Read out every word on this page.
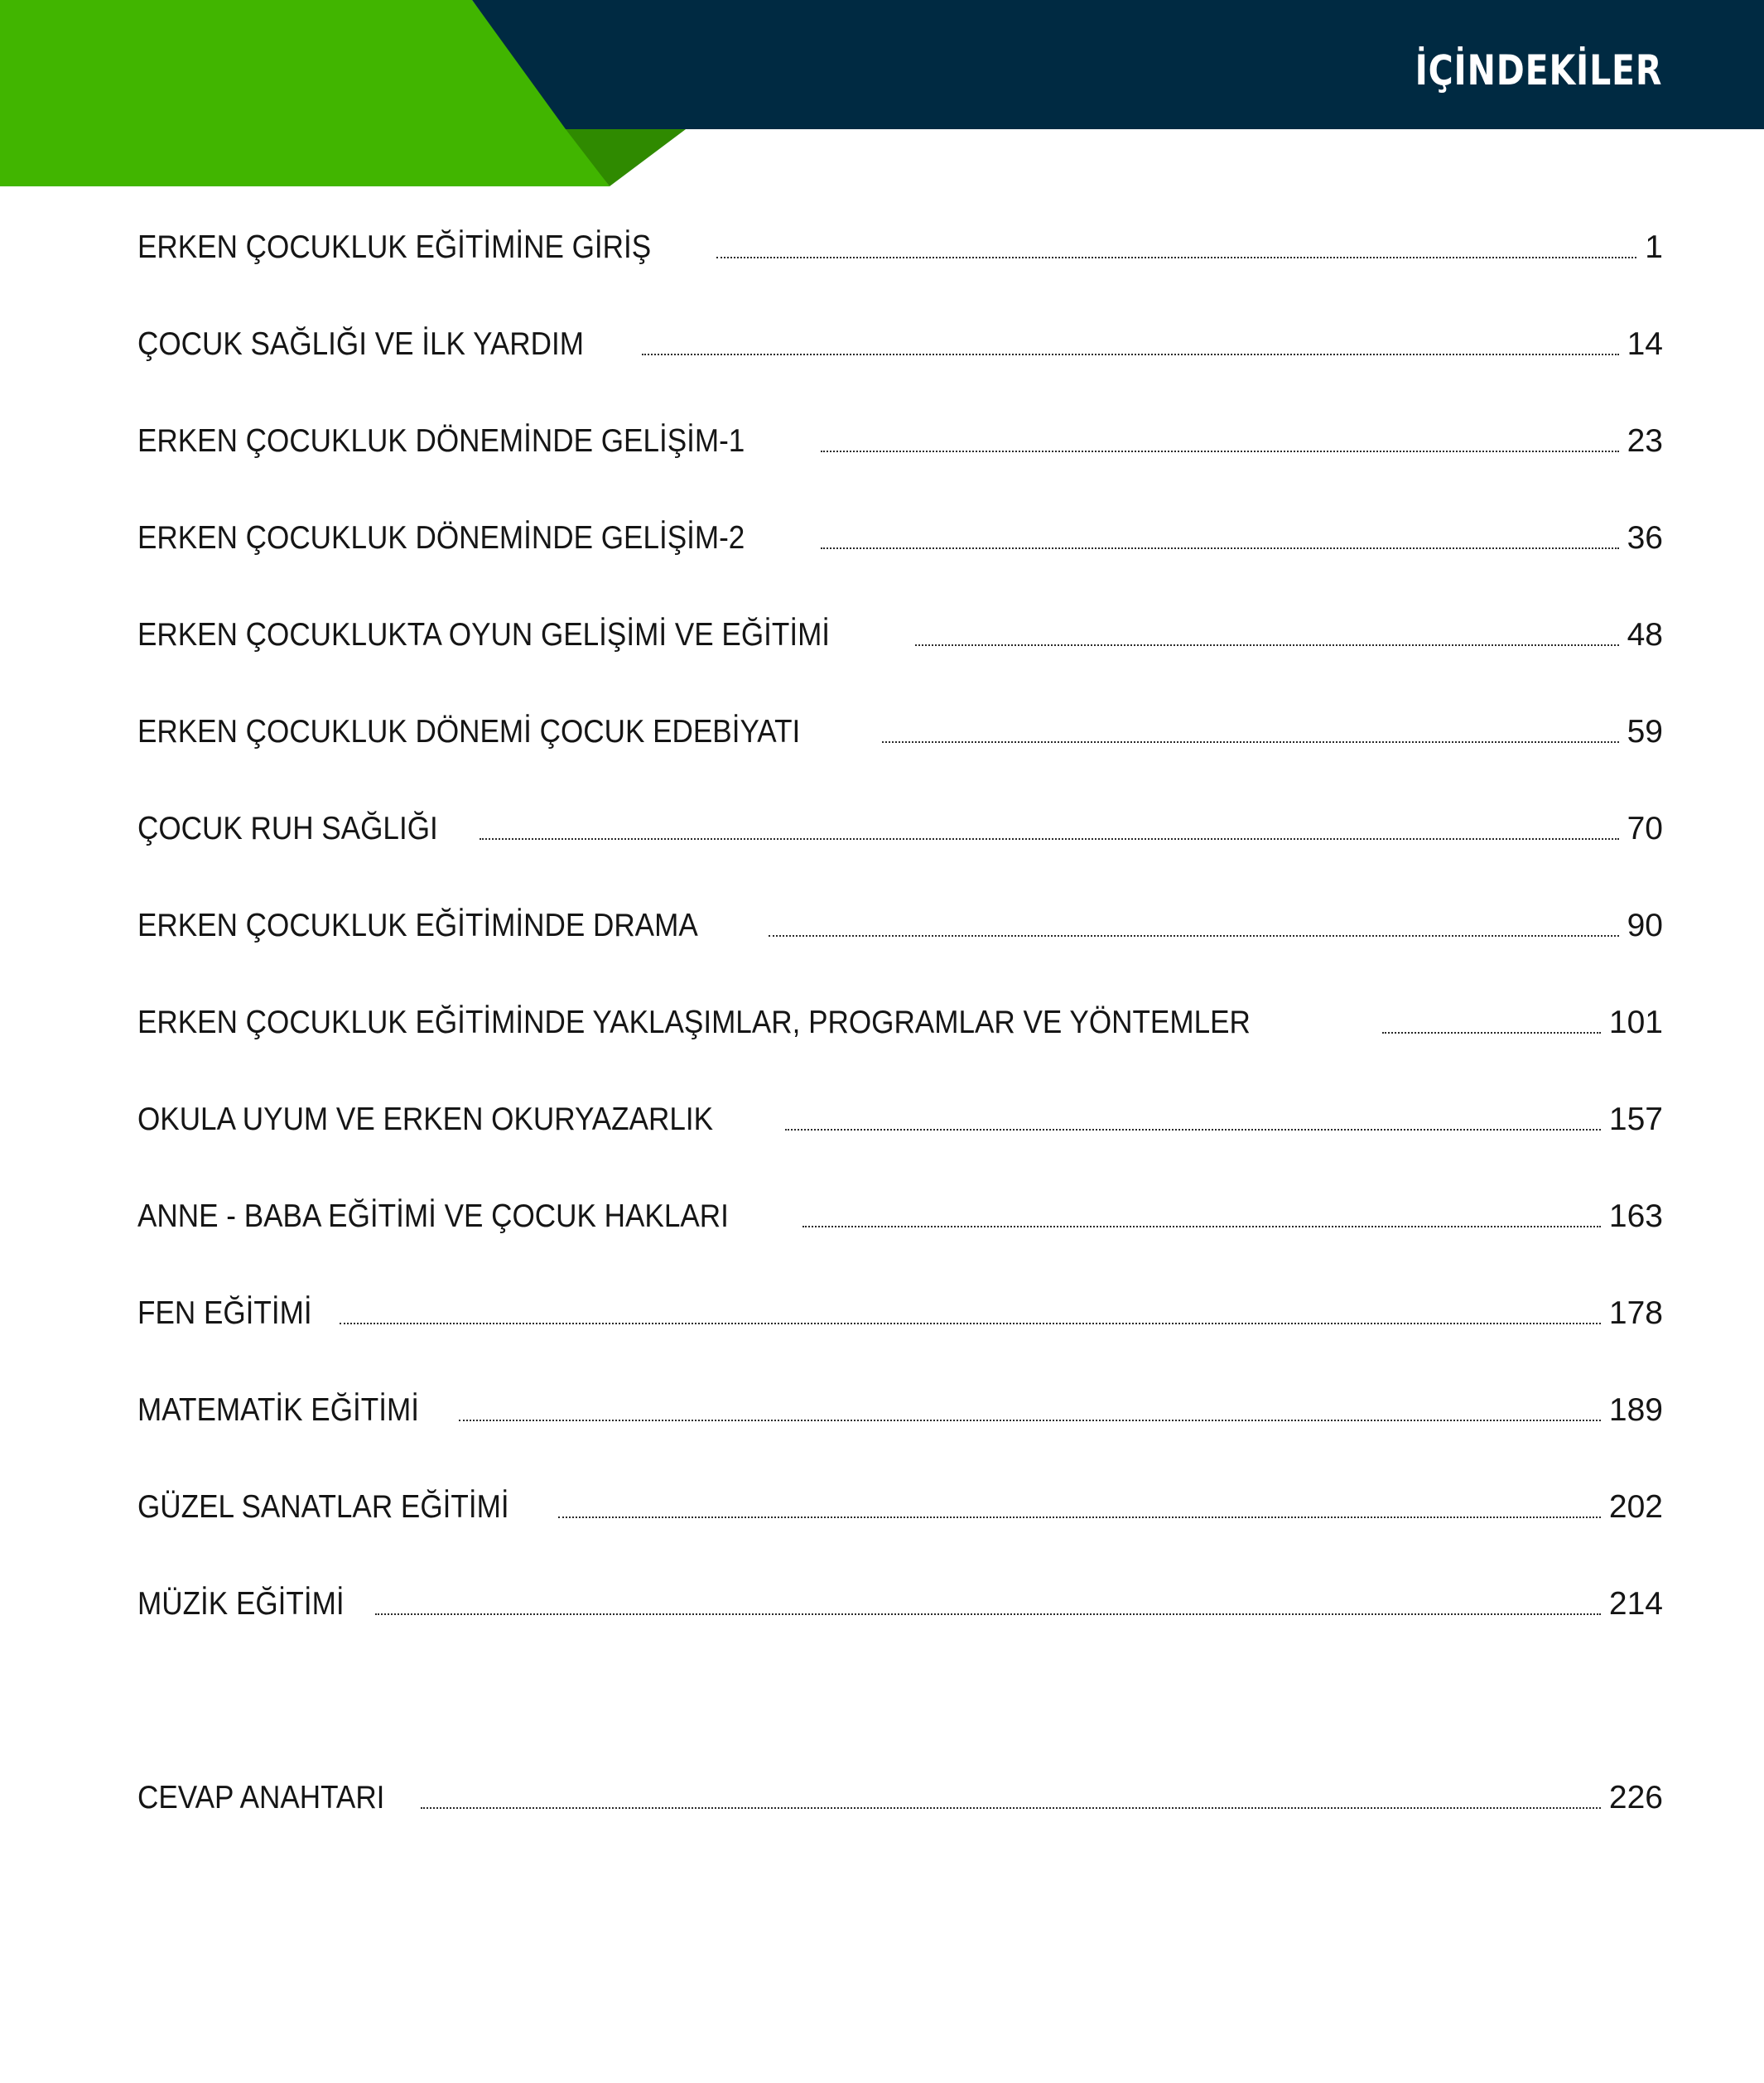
İÇİNDEKİLER
ERKEN ÇOCUKLUK EĞİTİMİNE GİRİŞ	1
ÇOCUK SAĞLIĞI VE İLK YARDIM	14
ERKEN ÇOCUKLUK DÖNEMİNDE GELİŞİM-1	23
ERKEN ÇOCUKLUK DÖNEMİNDE GELİŞİM-2	36
ERKEN ÇOCUKLUKTA OYUN GELİŞİMİ VE EĞİTİMİ	48
ERKEN ÇOCUKLUK DÖNEMİ ÇOCUK EDEBİYATI	59
ÇOCUK RUH SAĞLIĞI	70
ERKEN ÇOCUKLUK EĞİTİMİNDE DRAMA	90
ERKEN ÇOCUKLUK EĞİTİMİNDE YAKLAŞIMLAR, PROGRAMLAR VE YÖNTEMLER	101
OKULA UYUM VE ERKEN OKURYAZARLIK	157
ANNE - BABA EĞİTİMİ VE ÇOCUK HAKLARI	163
FEN EĞİTİMİ	178
MATEMATİK EĞİTİMİ	189
GÜZEL SANATLAR EĞİTİMİ	202
MÜZİK EĞİTİMİ	214
CEVAP ANAHTARI	226
